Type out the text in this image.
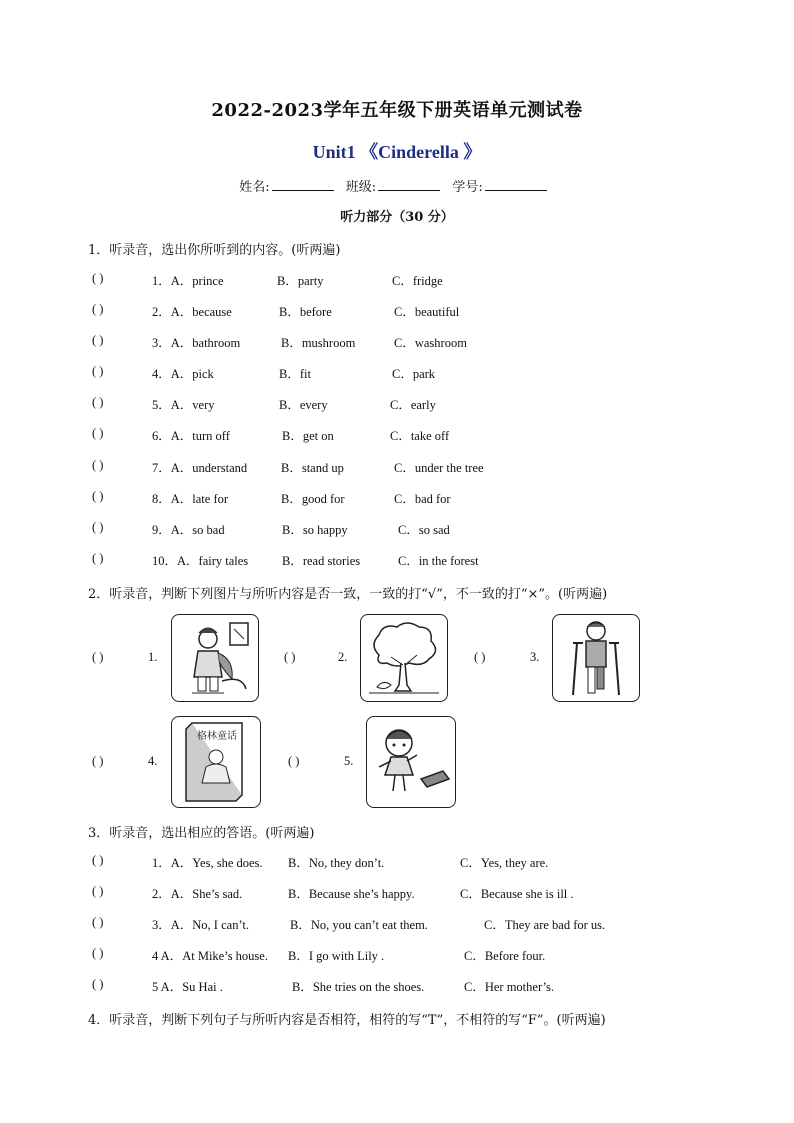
2022-2023学年五年级下册英语单元测试卷
Unit1 《Cinderella 》
姓名:	班级:	学号:
听力部分（30 分）
1．听录音，选出你所听到的内容。(听两遍)
( )	1．A．prince	B．party	C．fridge
( )	2．A．because	B．before	C．beautiful
( )	3．A．bathroom	B．mushroom	C．washroom
( )	4．A．pick	B．fit	C．park
( )	5．A．very	B．every	C．early
( )	6．A．turn off	B．get on	C．take off
( )	7．A．understand	B．stand up	C．under the tree
( )	8．A．late for	B．good for	C．bad for
( )	9．A．so bad	B．so happy	C．so sad
( )	10．A．fairy tales	B．read stories	C．in the forest
2．听录音，判断下列图片与所听内容是否一致，一致的打“√”，不一致的打“×”。(听两遍)
( )	1.	( )	2.	( )	3.
( )	4.
格林童话
( )	5.
3．听录音，选出相应的答语。(听两遍)
( )	1．A．Yes, she does. B．No, they don’t.	C．Yes, they are.
( )	2．A．She’s sad.	B．Because she’s happy.	C．Because she is ill .
( )	3．A．No, I can’t.	B．No, you can’t eat them.	C．They are bad for us.
( )	4 A．At Mike’s house. B．I go with Lily .	C．Before four.
( )	5 A．Su Hai .	B．She tries on the shoes.	C．Her mother’s.
4．听录音，判断下列句子与所听内容是否相符，相符的写“T”，不相符的写“F”。(听两遍)
